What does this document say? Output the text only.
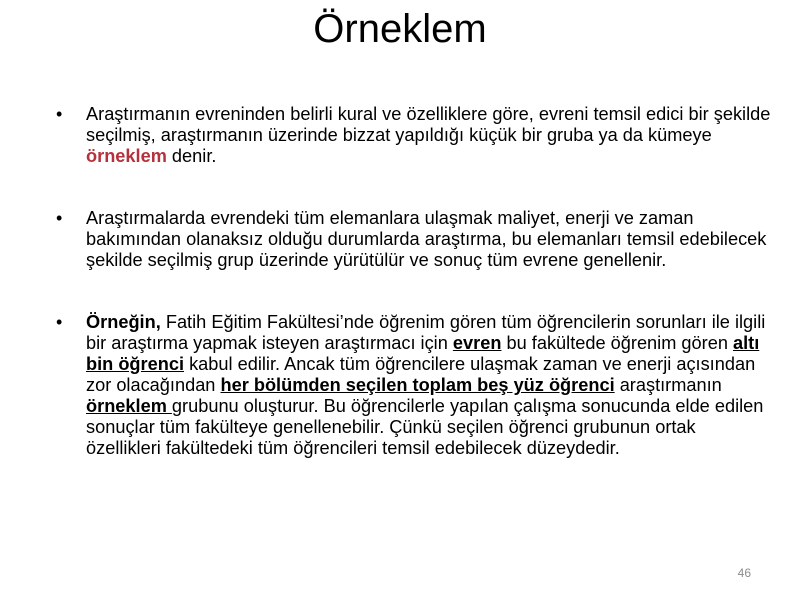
Örneklem
• Araştırmanın evreninden belirli kural ve özelliklere göre, evreni temsil edici bir şekilde seçilmiş, araştırmanın üzerinde bizzat yapıldığı küçük bir gruba ya da kümeye örneklem denir.
• Araştırmalarda evrendeki tüm elemanlara ulaşmak maliyet, enerji ve zaman bakımından olanaksız olduğu durumlarda araştırma, bu elemanları temsil edebilecek şekilde seçilmiş grup üzerinde yürütülür ve sonuç tüm evrene genellenir.
• Örneğin, Fatih Eğitim Fakültesi’nde öğrenim gören tüm öğrencilerin sorunları ile ilgili bir araştırma yapmak isteyen araştırmacı için evren bu fakültede öğrenim gören altı bin öğrenci kabul edilir. Ancak tüm öğrencilere ulaşmak zaman ve enerji açısından zor olacağından her bölümden seçilen toplam beş yüz öğrenci araştırmanın örneklem grubunu oluşturur. Bu öğrencilerle yapılan çalışma sonucunda elde edilen sonuçlar tüm fakülteye genellenebilir. Çünkü seçilen öğrenci grubunun ortak özellikleri fakültedeki tüm öğrencileri temsil edebilecek düzeydedir.
46
